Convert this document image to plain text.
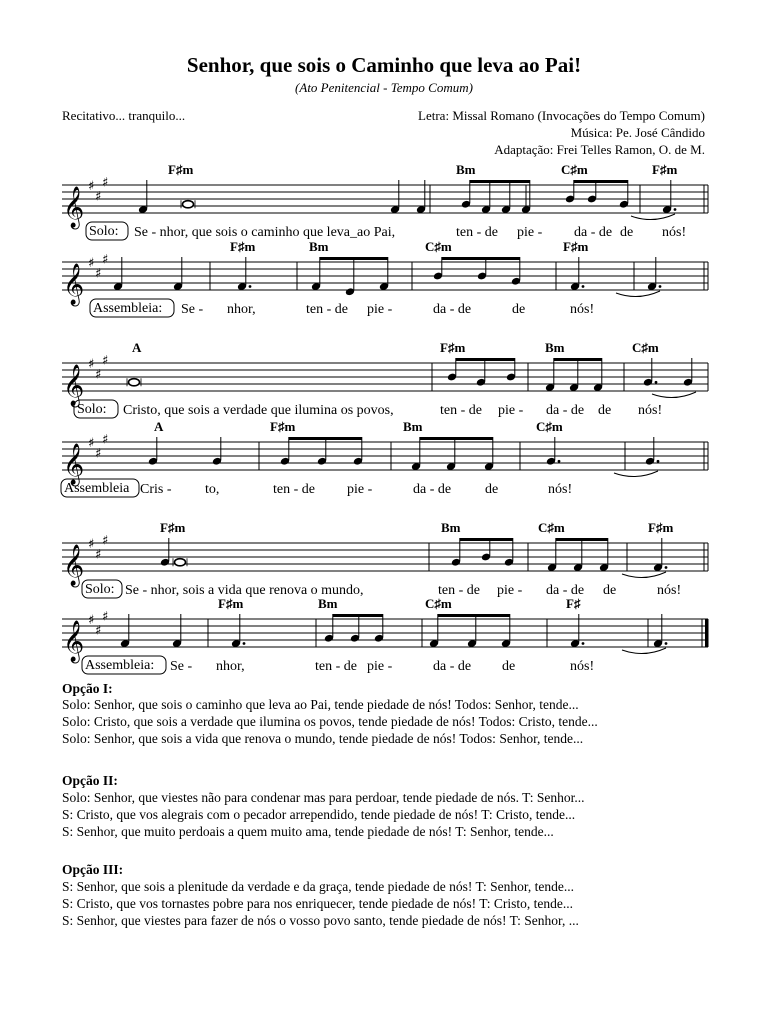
Senhor, que sois o Caminho que leva ao Pai!
(Ato Penitencial - Tempo Comum)
Recitativo... tranquilo...	Letra: Missal Romano (Invocações do Tempo Comum)
Música: Pe. José Cândido
Adaptação: Frei Telles Ramon, O. de M.
𝄞
♯
♯
♯
F♯m	Bm	C♯m	F♯m
Solo: Se - nhor, que sois o caminho que leva_ao Pai,	ten - de pie - da - de de nós!
𝄞
♯
♯
♯
F♯m	Bm	C♯m	F♯m
Assembleia: Se - nhor,	ten - de pie -	da - de	de	nós!
𝄞
♯
♯
♯
A	F♯m	Bm	C♯m
Solo: Cristo, que sois a verdade que ilumina os povos,	ten - de pie - da - de de nós!
𝄞
♯
♯
♯
A	F♯m	Bm	C♯m
Assembleia Cris - to,	ten - de pie -	da - de de	nós!
𝄞
♯
♯
♯
F♯m	Bm	C♯m	F♯m
Solo: Se - nhor, sois a vida que renova o mundo,	ten - de pie - da - de de	nós!
𝄞
♯
♯
♯
F♯m	Bm	C♯m	F♯
Assembleia: Se - nhor,	ten - de pie -	da - de de	nós!
Opção I:
Solo: Senhor, que sois o caminho que leva ao Pai, tende piedade de nós! Todos: Senhor, tende...
Solo: Cristo, que sois a verdade que ilumina os povos, tende piedade de nós! Todos: Cristo, tende...
Solo: Senhor, que sois a vida que renova o mundo, tende piedade de nós! Todos: Senhor, tende...
Opção II:
Solo: Senhor, que viestes não para condenar mas para perdoar, tende piedade de nós. T: Senhor...
S: Cristo, que vos alegrais com o pecador arrependido, tende piedade de nós! T: Cristo, tende...
S: Senhor, que muito perdoais a quem muito ama, tende piedade de nós! T: Senhor, tende...
Opção III:
S: Senhor, que sois a plenitude da verdade e da graça, tende piedade de nós! T: Senhor, tende...
S: Cristo, que vos tornastes pobre para nos enriquecer, tende piedade de nós! T: Cristo, tende...
S: Senhor, que viestes para fazer de nós o vosso povo santo, tende piedade de nós! T: Senhor, ...
